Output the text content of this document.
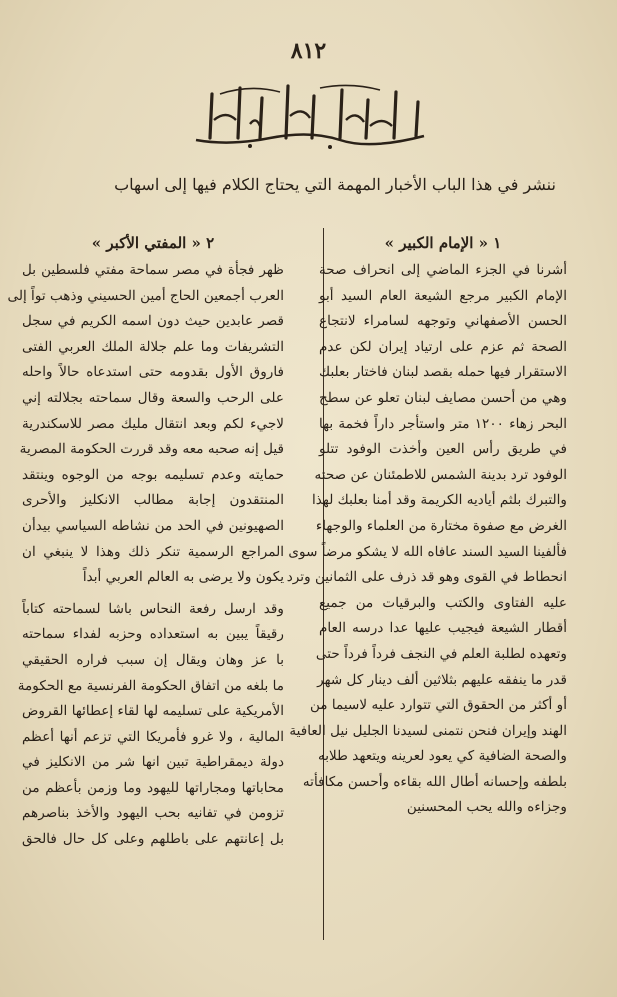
٨١٢
ننشر في هذا الباب الأخبار المهمة التي يحتاج الكلام فيها إلى اسهاب
١ « الإمام الكبير »
أشرنا في الجزء الماضي إلى انحراف صحة
الإمام الكبير مرجع الشيعة العام السيد أبو
الحسن الأصفهاني وتوجهه لسامراء لانتجاع
الصحة ثم عزم على ارتياد إيران لكن عدم
الاستقرار فيها حمله بقصد لبنان فاختار بعلبك
وهي من أحسن مصايف لبنان تعلو عن سطح
البحر زهاء ١٢٠٠ متر واستأجر داراً فخمة بها
في طريق رأس العين وأخذت الوفود تتلو
الوفود ترد بدينة الشمس للاطمئنان عن صحته
والتبرك بلثم أياديه الكريمة وقد أمنا بعلبك لهذا
الغرض مع صفوة مختارة من العلماء والوجهاء
فألفينا السيد السند عافاه الله لا يشكو مرضاً سوى
انحطاط في القوى وهو قد ذرف على الثمانين وترد
عليه الفتاوى والكتب والبرقيات من جميع
أقطار الشيعة فيجيب عليها عدا درسه العام
وتعهده لطلبة العلم في النجف فرداً فرداً حتى
قدر ما ينفقه عليهم بثلاثين ألف دينار كل شهر
أو أكثر من الحقوق التي تتوارد عليه لاسيما من
الهند وإيران فنحن نتمنى لسيدنا الجليل نيل العافية
والصحة الضافية كي يعود لعرينه ويتعهد طلابه
بلطفه وإحسانه أطال الله بقاءه وأحسن مكافأته
وجزاءه والله يحب المحسنين
٢ « المفتي الأكبر »
ظهر فجأة في مصر سماحة مفتي فلسطين بل
العرب أجمعين الحاج أمين الحسيني وذهب تواً إلى
قصر عابدين حيث دون اسمه الكريم في سجل
التشريفات وما علم جلالة الملك العربي الفتى
فاروق الأول بقدومه حتى استدعاه حالاً واحله
على الرحب والسعة وقال سماحته بجلالته إني
لاجيء لكم وبعد انتقال مليك مصر للاسكندرية
قيل إنه صحبه معه وقد قررت الحكومة المصرية
حمايته وعدم تسليمه بوجه من الوجوه وينتقد
المنتقدون إجابة مطالب الانكليز والأحرى
الصهيونين في الحد من نشاطه السياسي بيدأن
المراجع الرسمية تنكر ذلك وهذا لا ينبغي ان
يكون ولا يرضى به العالم العربي أبداً
وقد ارسل رفعة النحاس باشا لسماحته كتاباً
رقيقاً يبين به استعداده وحزبه لفداء سماحته
با عز وهان ويقال إن سبب فراره الحقيقي
ما بلغه من اتفاق الحكومة الفرنسية مع الحكومة
الأمريكية على تسليمه لها لقاء إعطائها القروض
المالية ، ولا غرو فأمريكا التي تزعم أنها أعظم
دولة ديمقراطية تبين انها شر من الانكليز في
محاباتها ومجاراتها لليهود وما وزمن بأعظم من
تزومن في تفانيه بحب اليهود والأخذ بناصرهم
بل إعانتهم على باطلهم وعلى كل حال فالحق
